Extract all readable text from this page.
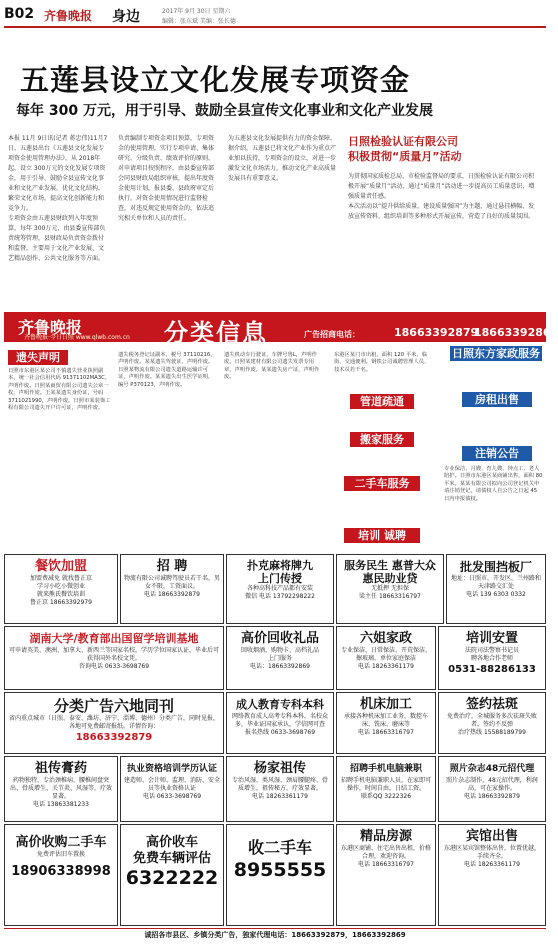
B02 齐鲁晚报 身边	2017年 9月 30日 星期六
编辑：张东斌 美编：张长德
五莲县设立文化发展专项资金
每年 300 万元，用于引导、鼓励全县宣传文化事业和文化产业发展
本报 11月 9日讯(记者 蒋忠伟)11月7日，五莲县出台《五莲县文化发展专项资金使用管理办法》，从 2018年起，设立 300万元的文化发展专项资金，用于引导、鼓励全县宣传文化事业和文化产业发展，优化文化结构，繁荣文化市场，提高文化创新能力和竞争力。
专项资金由五莲县财政列入年度预算，每年 300万元，由县委宣传部负责统筹管理，县财政局负责资金拨付和监督，主要用于文化产业发展、文艺精品创作、公共文化服务等方面。
负责编制专项资金项目预算，专项资金的使用管理，实行专项申请、集体研究、分级负责、绩效评价的原则。对申请项目按照程序，由县委宣传部会同县财政局组织审核，提出年度资金使用计划，报县委、县政府审定后执行。对资金使用情况进行监督检查，对违反规定使用资金的，依法追究相关单位和人员的责任。
为五莲县文化发展提供有力的资金保障。
据介绍，五莲县已将文化产业作为重点产业加以扶持，专项资金的设立，对进一步激发文化市场活力，推动文化产业高质量发展具有重要意义。
日照检验认证有限公司
积极贯彻“质量月”活动
为贯彻国家质检总局、市检验监督局的要求，日照检验认证有限公司积极开展“质量月”活动，通过“质量月”活动进一步提高员工质量意识，增强质量责任感。
本次活动以“提升供给质量，建设质量强国”为主题，通过悬挂横幅、发放宣传资料、组织培训等多种形式开展宣传，营造了良好的质量氛围。
齐鲁晚报
齐鲁晚报·今日日照 www.qlwb.com.cn 分类信息	广告招商电话：	18663392879
18663392869
遗失声明
日照市东港区某公司不慎遗失营业执照副本，统一社会信用代码 91371102MA3C，声明作废。日照某商贸有限公司遗失公章一枚，声明作废。王某某遗失身份证，号码 3711021990，声明作废。日照市某装饰工程有限公司遗失开户许可证，声明作废。
遗失税务登记证副本，税号 37110216，声明作废。某某遗失驾驶证，声明作废。日照某物流有限公司遗失道路运输许可证，声明作废。某某遗失出生医学证明，编号 P370123，声明作废。
遗失机动车行驶证，车牌号鲁L，声明作废。日照某建材有限公司遗失发票专用章，声明作废。某某遗失房产证，声明作废。
东港区某门市出租，面积 120 平米，临街，交通便利。钢铁公司诚聘管理人员、技术员若干名。
管道疏通
搬家服务
二手车服务
培训 诚聘
日照东方家政服务
房租出售
注销公告
专业保洁、月嫂、育儿嫂、钟点工、老人陪护。日照市东港区某商铺出售，面积 80 平米。某某有限公司拟向公司登记机关申请注销登记，请债权人自公告之日起 45 日内申报债权。
餐饮加盟
加盟费减免 就找鲁正京
学习小吃小微创业
就来熊氏餐饮培训
鲁正京 18663392979
招 聘
物流有限公司诚聘驾驶员若干名，男女不限，工资面议。
电话 18663392879
扑克麻将牌九
上门传授
各种高科技产品都有安装
微信 电话 13792298222
服务民生 惠普大众
惠民助业贷
无抵押 无担保
梁主任 18663316797
批发围挡板厂
地址：日照市，开发区，兰州路和天津路交汇处
电话 139 6303 0332
湖南大学/教育部出国留学培训基地
可申请英美、澳洲、加拿大、新西兰等国家名校，学历学位国家认证，毕业后可获得国外名校文凭。
咨询电话 0633-3698769
高价回收礼品
回收烟酒、购物卡、高档礼品
上门服务
电话：18663392869
六姐家政
专业保洁、日常保洁、开荒保洁、擦玻璃、单位家庭保洁
电话 18263361179
培训安置
法院司法警察书记员
聘各地合作老师
0531-88286133
分类广告六地同刊
省内重点城市（日照、泰安、潍坊、济宁、淄博、德州）分类广告，同时见报，各地可免费邮寄报纸。详情咨询：
18663392879
成人教育专科本科
网络教育成人高考专科本科，名校众多，毕业证国家承认，学信网可查
报名热线 0633-3698769
机床加工
承接各种机床加工业务，数控车床、铣床、磨床等
电话 18663316797
签约祛斑
免费治疗，全城服务多次祛斑失败者，签约不反弹
治疗热线 15588189799
祖传膏药
药物独特，专治颈椎病、腰椎间盘突出、骨质增生、关节炎、风湿等，疗效显著。
电话 13863381233
执业资格培训学历认证
建造师、会计师、监理、消防、安全员等执业资格认证
电话 0633-3698769
杨家祖传
专治风湿、类风湿、颈肩腰腿疼、骨质增生，祖传秘方，疗效显著。
电话 18263361179
招聘手机电脑兼职
招聘手机电脑兼职人员，在家即可操作，时间自由，日结工资。
联系QQ 3222326
照片杂志48元招代理
照片杂志制作，48元招代理，利润高，可在家操作。
电话 18663392879
高价收购二手车
免费评估旧车置换
18906338998
高价收车
免费车辆评估
6322222
收二手车
8955555
精品房源
东港区商铺、住宅出售出租，价格合理，欢迎咨询。
电话 18663316797
宾馆出售
东港区某宾馆整体出售，位置优越，手续齐全。
电话 18263361179
诚招各市县区、乡镇分类广告，独家代理电话：18663392879，18663392869
